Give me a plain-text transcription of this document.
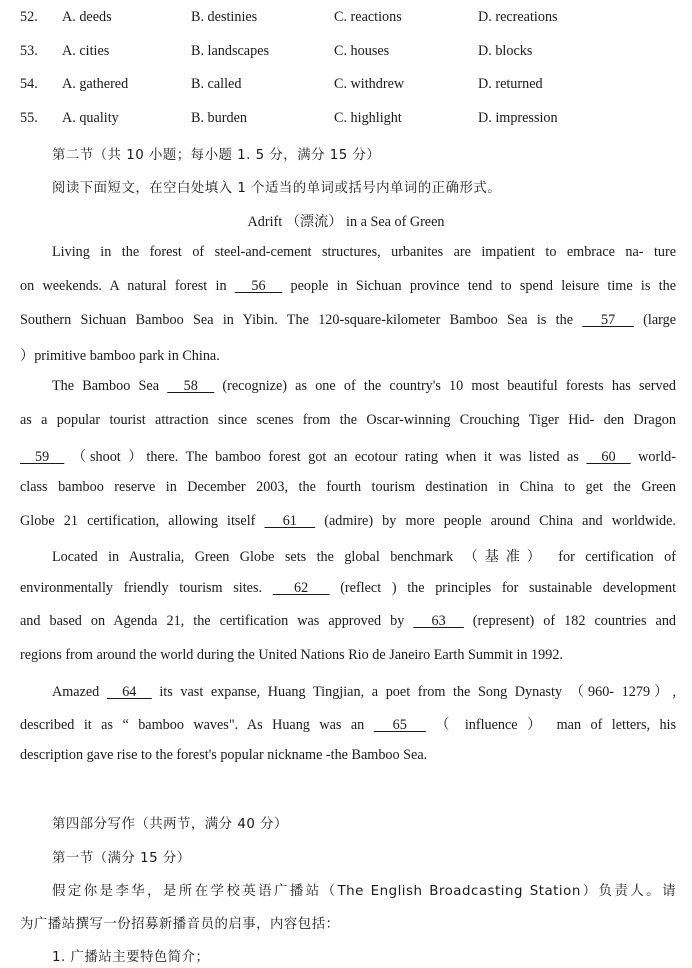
52. A. deeds	B. destinies	C. reactions	D. recreations
53. A. cities	B. landscapes	C. houses	D. blocks
54. A. gathered	B. called	C. withdrew	D. returned
55. A. quality	B. burden	C. highlight	D. impression
第二节（共 10 小题；每小题 1. 5 分，满分 15 分）
阅读下面短文，在空白处填入 1 个适当的单词或括号内单词的正确形式。
Adrift （漂流） in a Sea of Green
Living in the forest of steel-and-cement structures, urbanites are impatient to embrace na- ture
on weekends. A natural forest in   56   people in Sichuan province tend to spend leisure time is the
Southern Sichuan Bamboo Sea in Yibin. The 120-square-kilometer Bamboo Sea is the   57   (large
）primitive bamboo park in China.
The Bamboo Sea   58   (recognize) as one of the country's 10 most beautiful forests has served
as a popular tourist attraction since scenes from the Oscar-winning Crouching Tiger Hid- den Dragon
59   （shoot ）there. The bamboo forest got an ecotour rating when it was listed as   60   world-
class bamboo reserve in December 2003, the fourth tourism destination in China to get the Green
Globe 21 certification, allowing itself   61   (admire) by more people around China and worldwide.
Located in Australia, Green Globe sets the global benchmark （基准） for certification of
environmentally friendly tourism sites.   62   (reflect ) the principles for sustainable development
and based on Agenda 21, the certification was approved by   63   (represent) of 182 countries and
regions from around the world during the United Nations Rio de Janeiro Earth Summit in 1992.
Amazed   64   its vast expanse, Huang Tingjian, a poet from the Song Dynasty （960- 1279）,
described it as “ bamboo waves". As Huang was an   65   （ influence ） man of letters, his
description gave rise to the forest's popular nickname -the Bamboo Sea.
第四部分写作（共两节，满分 40 分）
第一节（满分 15 分）
假定你是李华，是所在学校英语广播站（The English Broadcasting Station）负责人。请
为广播站撰写一份招募新播音员的启事，内容包括：
1. 广播站主要特色简介；
